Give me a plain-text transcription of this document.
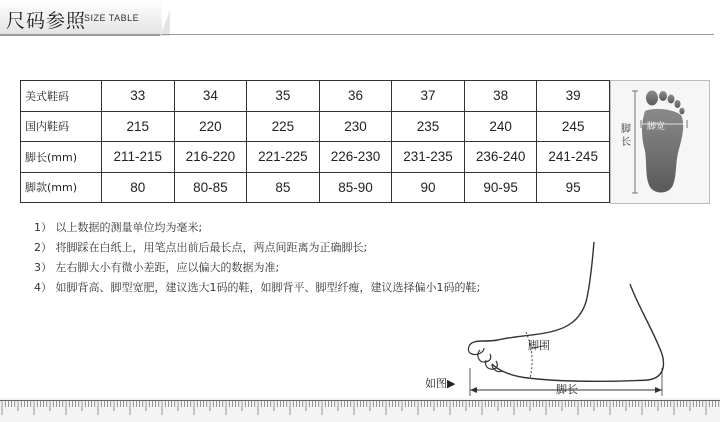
尺码参照
SIZE TABLE
美式鞋码	33	34	35	36	37	38	39
国内鞋码	215	220	225	230	235	240	245
脚长(mm)	211-215	216-220	221-225	226-230	231-235	236-240	241-245
脚款(mm)	80	80-85	85	85-90	90	90-95	95
脚长
脚宽
1） 以上数据的测量单位均为毫米;
2） 将脚踩在白纸上，用笔点出前后最长点，两点间距离为正确脚长;
3） 左右脚大小有微小差距，应以偏大的数据为准;
4） 如脚背高、脚型宽肥，建议选大1码的鞋，如脚背平、脚型纤瘦，建议选择偏小1码的鞋;
脚围
脚长
如图▶
